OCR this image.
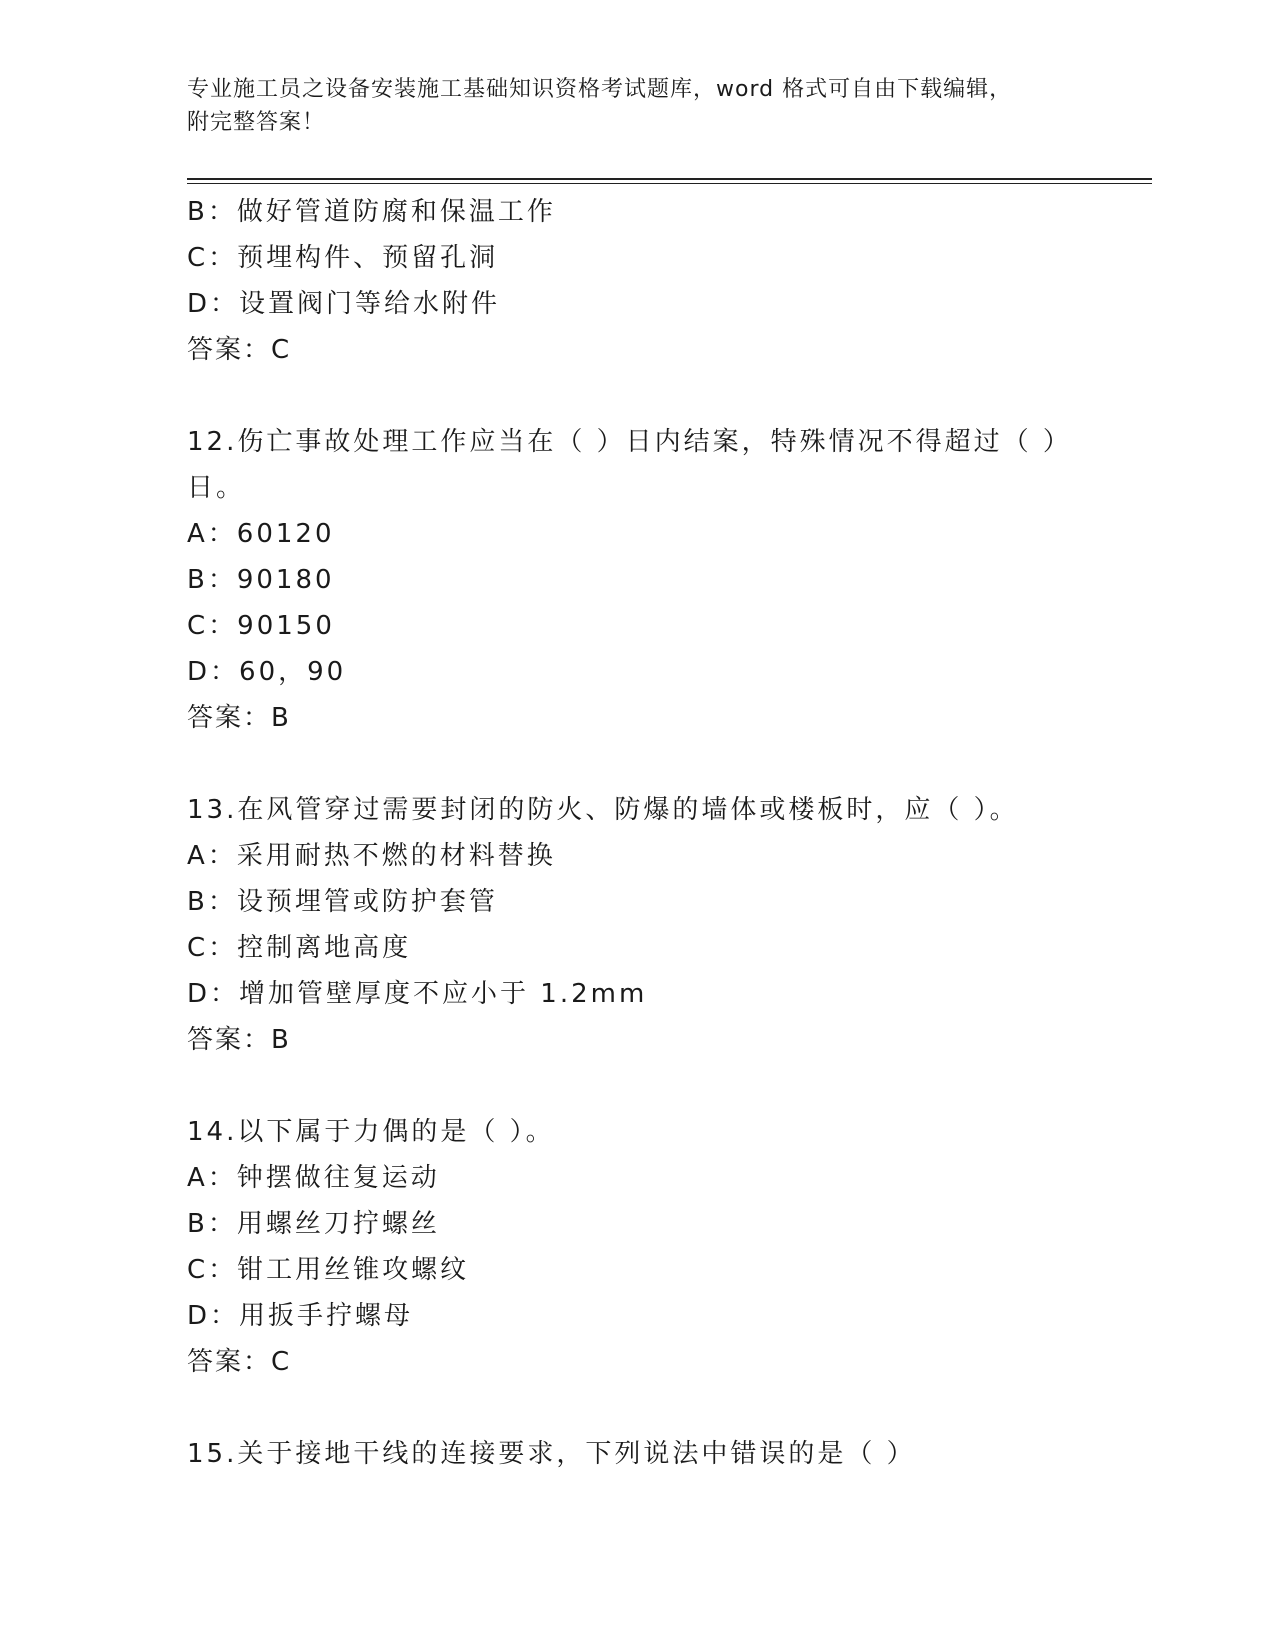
专业施工员之设备安装施工基础知识资格考试题库，word 格式可自由下载编辑，
附完整答案！
B：做好管道防腐和保温工作
C：预埋构件、预留孔洞
D：设置阀门等给水附件
答案：C
12.伤亡事故处理工作应当在（ ）日内结案，特殊情况不得超过（ ）日。
A：60120
B：90180
C：90150
D：60，90
答案：B
13.在风管穿过需要封闭的防火、防爆的墙体或楼板时，应（ ）。
A：采用耐热不燃的材料替换
B：设预埋管或防护套管
C：控制离地高度
D：增加管壁厚度不应小于 1.2mm
答案：B
14.以下属于力偶的是（ ）。
A：钟摆做往复运动
B：用螺丝刀拧螺丝
C：钳工用丝锥攻螺纹
D：用扳手拧螺母
答案：C
15.关于接地干线的连接要求，下列说法中错误的是（ ）
